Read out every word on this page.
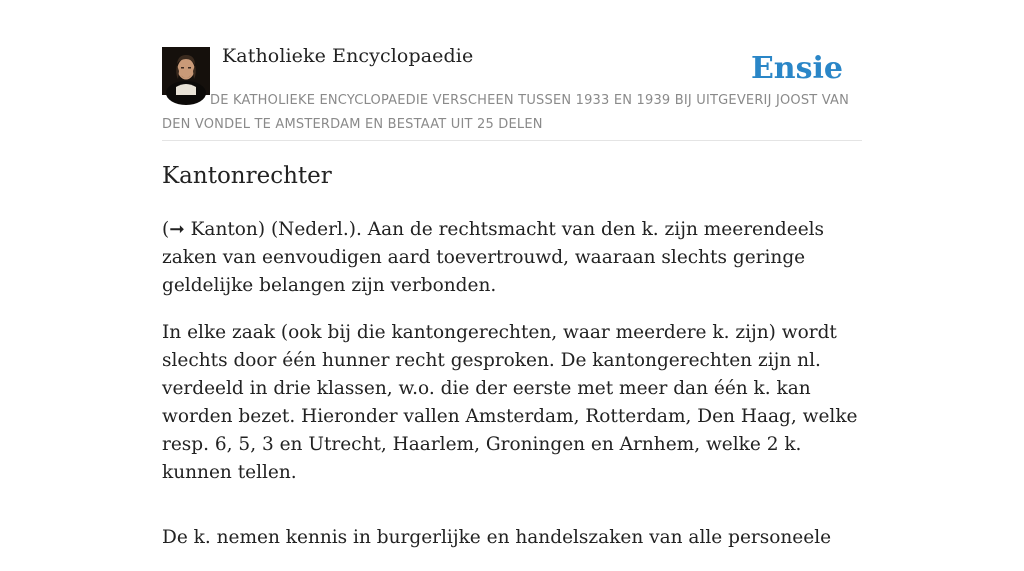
Katholieke Encyclopaedie	Ensie
DE KATHOLIEKE ENCYCLOPAEDIE VERSCHEEN TUSSEN 1933 EN 1939 BIJ UITGEVERIJ JOOST VAN DEN VONDEL TE AMSTERDAM EN BESTAAT UIT 25 DELEN
Kantonrechter

(➞ Kanton) (Nederl.). Aan de rechtsmacht van den k. zijn meerendeels zaken van eenvoudigen aard toevertrouwd, waaraan slechts geringe geldelijke belangen zijn verbonden.

In elke zaak (ook bij die kantongerechten, waar meerdere k. zijn) wordt slechts door één hunner recht gesproken. De kantongerechten zijn nl. verdeeld in drie klassen, w.o. die der eerste met meer dan één k. kan worden bezet. Hieronder vallen Amsterdam, Rotterdam, Den Haag, welke resp. 6, 5, 3 en Utrecht, Haarlem, Groningen en Arnhem, welke 2 k. kunnen tellen.

De k. nemen kennis in burgerlijke en handelszaken van alle personeele
